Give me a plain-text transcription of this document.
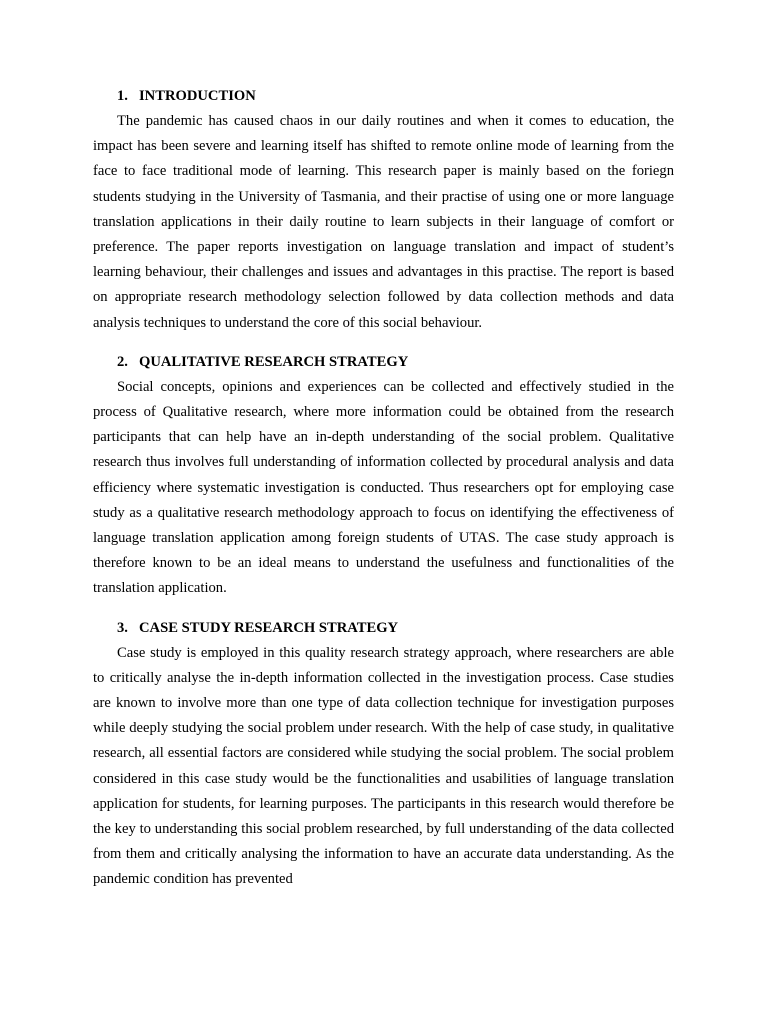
1. INTRODUCTION

The pandemic has caused chaos in our daily routines and when it comes to education, the impact has been severe and learning itself has shifted to remote online mode of learning from the face to face traditional mode of learning. This research paper is mainly based on the foriegn students studying in the University of Tasmania, and their practise of using one or more language translation applications in their daily routine to learn subjects in their language of comfort or preference. The paper reports investigation on language translation and impact of student’s learning behaviour, their challenges and issues and advantages in this practise. The report is based on appropriate research methodology selection followed by data collection methods and data analysis techniques to understand the core of this social behaviour.

2. QUALITATIVE RESEARCH STRATEGY

Social concepts, opinions and experiences can be collected and effectively studied in the process of Qualitative research, where more information could be obtained from the research participants that can help have an in-depth understanding of the social problem. Qualitative research thus involves full understanding of information collected by procedural analysis and data efficiency where systematic investigation is conducted. Thus researchers opt for employing case study as a qualitative research methodology approach to focus on identifying the effectiveness of language translation application among foreign students of UTAS. The case study approach is therefore known to be an ideal means to understand the usefulness and functionalities of the translation application.

3. CASE STUDY RESEARCH STRATEGY

Case study is employed in this quality research strategy approach, where researchers are able to critically analyse the in-depth information collected in the investigation process. Case studies are known to involve more than one type of data collection technique for investigation purposes while deeply studying the social problem under research. With the help of case study, in qualitative research, all essential factors are considered while studying the social problem. The social problem considered in this case study would be the functionalities and usabilities of language translation application for students, for learning purposes. The participants in this research would therefore be the key to understanding this social problem researched, by full understanding of the data collected from them and critically analysing the information to have an accurate data understanding. As the pandemic condition has prevented
